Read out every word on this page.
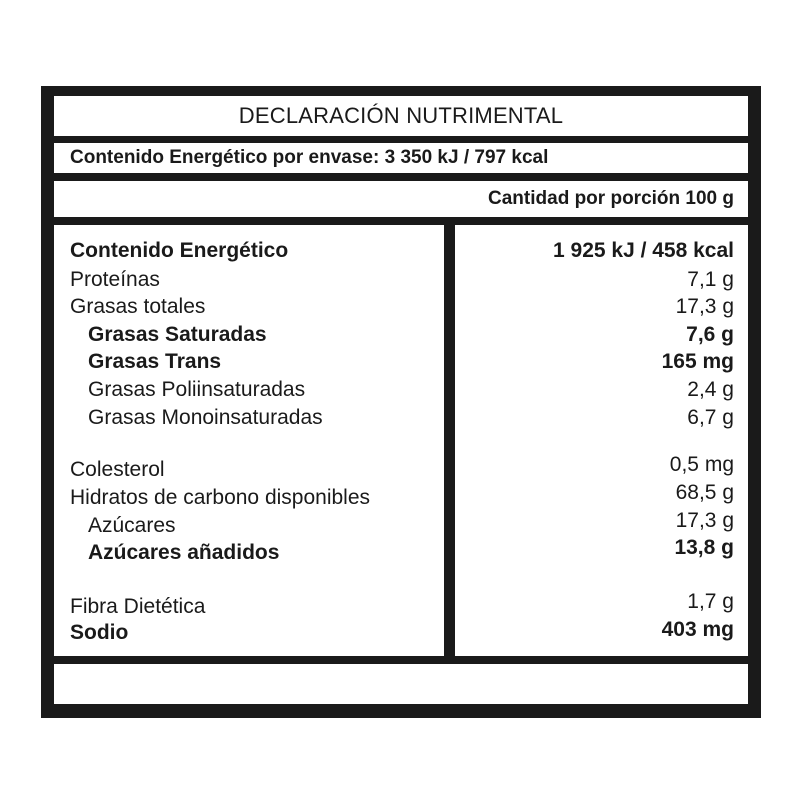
DECLARACIÓN NUTRIMENTAL
Contenido Energético por envase: 3 350 kJ / 797 kcal
Cantidad por porción 100 g
Contenido Energético
Proteínas
Grasas totales
Grasas Saturadas
Grasas Trans
Grasas Poliinsaturadas
Grasas Monoinsaturadas
Colesterol
Hidratos de carbono disponibles
Azúcares
Azúcares añadidos
Fibra Dietética
Sodio
1 925 kJ / 458 kcal
7,1 g
17,3 g
7,6 g
165 mg
2,4 g
6,7 g
0,5 mg
68,5 g
17,3 g
13,8 g
1,7 g
403 mg
